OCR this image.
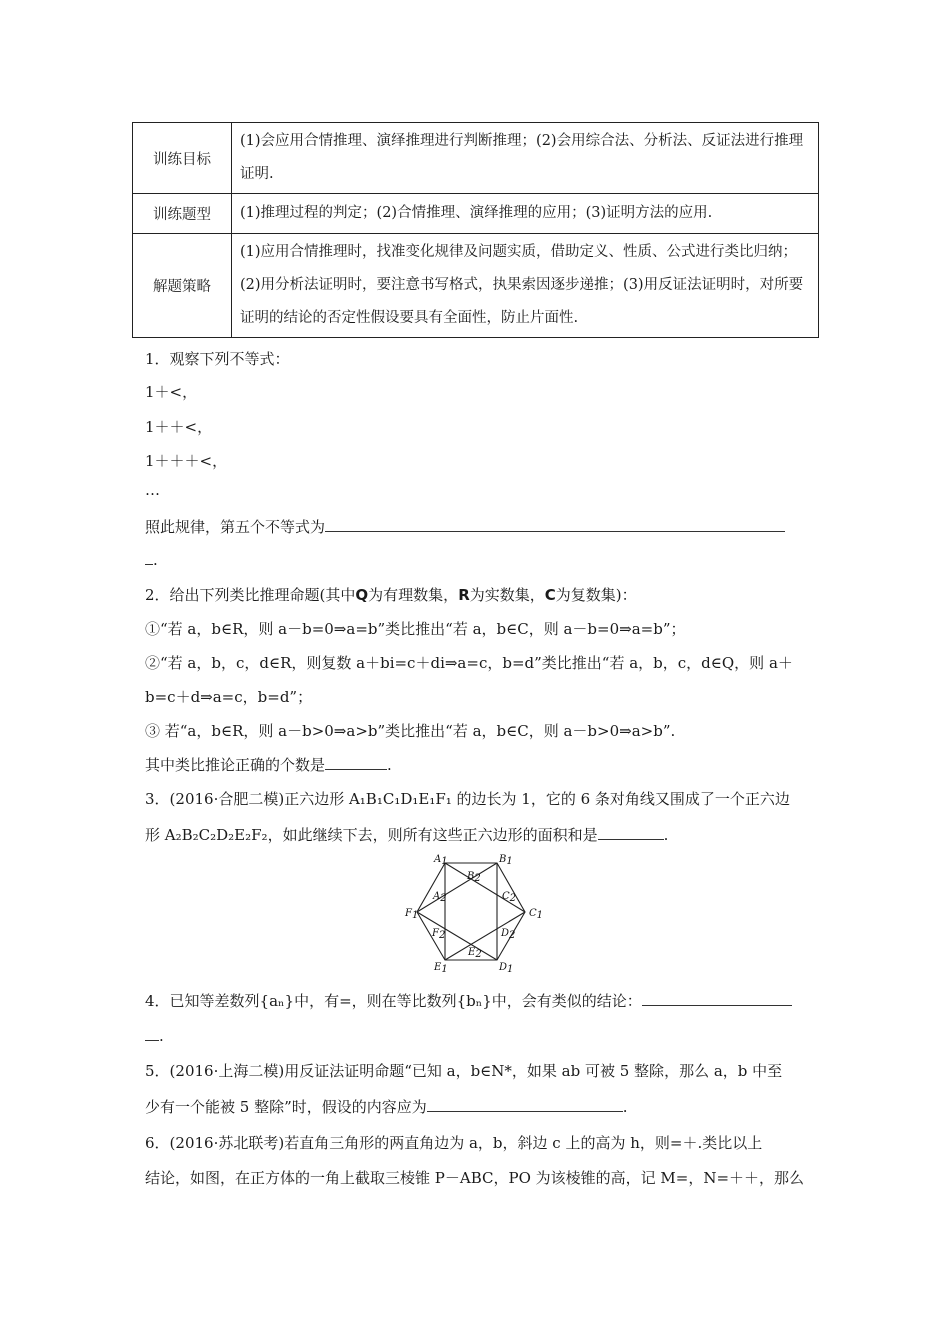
训练目标	(1)会应用合情推理、演绎推理进行判断推理；(2)会用综合法、分析法、反证法进行推理证明.
训练题型	(1)推理过程的判定；(2)合情推理、演绎推理的应用；(3)证明方法的应用.
解题策略	(1)应用合情推理时，找准变化规律及问题实质，借助定义、性质、公式进行类比归纳；(2)用分析法证明时，要注意书写格式，执果索因逐步递推；(3)用反证法证明时，对所要证明的结论的否定性假设要具有全面性，防止片面性.
1．观察下列不等式：
1＋<，
1＋＋<，
1＋＋＋<，
…
照此规律，第五个不等式为
.
2．给出下列类比推理命题(其中Q为有理数集，R为实数集，C为复数集)：
①“若 a，b∈R，则 a－b=0⇒a=b”类比推出“若 a，b∈C，则 a－b=0⇒a=b”；
②“若 a，b，c，d∈R，则复数 a＋bi=c＋di⇒a=c，b=d”类比推出“若 a，b，c，d∈Q，则 a＋
b=c＋d⇒a=c，b=d”；
③ 若“a，b∈R，则 a－b>0⇒a>b”类比推出“若 a，b∈C，则 a－b>0⇒a>b”.
其中类比推论正确的个数是	.
3．(2016·合肥二模)正六边形 A₁B₁C₁D₁E₁F₁ 的边长为 1，它的 6 条对角线又围成了一个正六边
形 A₂B₂C₂D₂E₂F₂，如此继续下去，则所有这些正六边形的面积和是	.
A1	B1
C1
D1
E1
F1
A2
B2
C2
D2
E2
F2
4．已知等差数列{aₙ}中，有=，则在等比数列{bₙ}中，会有类似的结论：
.
5．(2016·上海二模)用反证法证明命题“已知 a，b∈N*，如果 ab 可被 5 整除，那么 a，b 中至
少有一个能被 5 整除”时，假设的内容应为	.
6．(2016·苏北联考)若直角三角形的两直角边为 a，b，斜边 c 上的高为 h，则=＋.类比以上
结论，如图，在正方体的一角上截取三棱锥 P－ABC，PO 为该棱锥的高，记 M=，N=＋＋，那么
